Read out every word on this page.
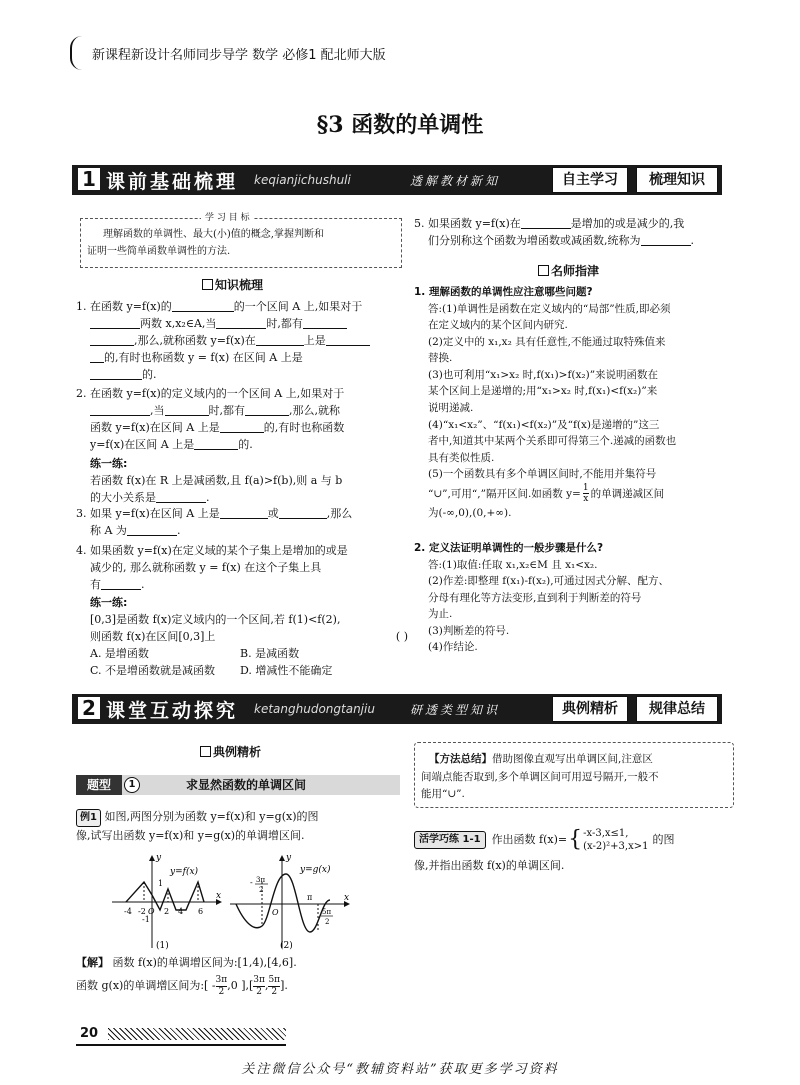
新课程新设计名师同步导学 数学 必修1 配北师大版
§3 函数的单调性
1 课前基础梳理 keqianjichushuli	透解教材新知	自主学习	梳理知识
学 习 目 标
理解函数的单调性、最大(小)值的概念,掌握判断和
证明一些简单函数单调性的方法.
知识梳理
1. 在函数 y=f(x)的	的一个区间 A 上,如果对于
两数 x,x₂∈A,当	时,都有
,那么,就称函数 y=f(x)在	上是
的,有时也称函数 y = f(x) 在区间 A 上是
的.
2. 在函数 y=f(x)的定义域内的一个区间 A 上,如果对于
,当	时,都有	,那么,就称
函数 y=f(x)在区间 A 上是	的,有时也称函数
y=f(x)在区间 A 上是	的.
练一练:
若函数 f(x)在 R 上是减函数,且 f(a)>f(b),则 a 与 b
的大小关系是	.
3. 如果 y=f(x)在区间 A 上是	或	,那么
称 A 为	.
4. 如果函数 y=f(x)在定义域的某个子集上是增加的或是
减少的, 那么就称函数 y = f(x) 在这个子集上具
有	.
练一练:
[0,3]是函数 f(x)定义域内的一个区间,若 f(1)<f(2),
则函数 f(x)在区间[0,3]上	( )
A. 是增函数	B. 是减函数
C. 不是增函数就是减函数 D. 增减性不能确定
5. 如果函数 y=f(x)在	是增加的或是减少的,我
们分别称这个函数为增函数或减函数,统称为	.
名师指津
1. 理解函数的单调性应注意哪些问题?
答:(1)单调性是函数在定义域内的“局部”性质,即必须
在定义域内的某个区间内研究.
(2)定义中的 x₁,x₂ 具有任意性,不能通过取特殊值来
替换.
(3)也可利用“x₁>x₂ 时,f(x₁)>f(x₂)”来说明函数在
某个区间上是递增的;用“x₁>x₂ 时,f(x₁)<f(x₂)”来
说明递减.
(4)“x₁<x₂”、“f(x₁)<f(x₂)”及“f(x)是递增的”这三
者中,知道其中某两个关系即可得第三个.递减的函数也
具有类似性质.
(5)一个函数具有多个单调区间时,不能用并集符号
“∪”,可用“,”隔开区间.如函数 $y= \frac{1}{x}$ 的单调递减区间
为(-∞,0),(0,+∞).
2. 定义法证明单调性的一般步骤是什么?
答:(1)取值:任取 x₁,x₂∈M 且 x₁<x₂.
(2)作差:即整理 f(x₁)-f(x₂),可通过因式分解、配方、
分母有理化等方法变形,直到利于判断差的符号
为止.
(3)判断差的符号.
(4)作结论.
2 课堂互动探究 ketanghudongtanjiu	研透类型知识	典例精析	规律总结
典例精析
题型	1	求显然函数的单调区间
例1 如图,两图分别为函数 y=f(x)和 y=g(x)的图
像,试写出函数 y=f(x)和 y=g(x)的单调增区间.
y
x
y=f(x)
1
-4 -2 O 2 4 6
-1
(1)
y
x
y=g(x)
- 3π
2
O
π
5π
2
(2)
【解】 函数 f(x)的单调增区间为:[1,4),[4,6].
函数 g(x)的单调增区间为:[ - $\frac{3\pi}{2} ,0$ ],[ $\frac{3\pi}{2}$ , $\frac{5\pi}{2}$ ].
【方法总结】借助图像直观写出单调区间,注意区
间端点能否取到,多个单调区间可用逗号隔开,一般不
能用“∪”.
活学巧练 1-1	作出函数 f(x)= { -x-3,x≤1,
(x-2)²+3,x>1
的图
像,并指出函数 f(x)的单调区间.
20
关注微信公众号“教辅资料站”获取更多学习资料
